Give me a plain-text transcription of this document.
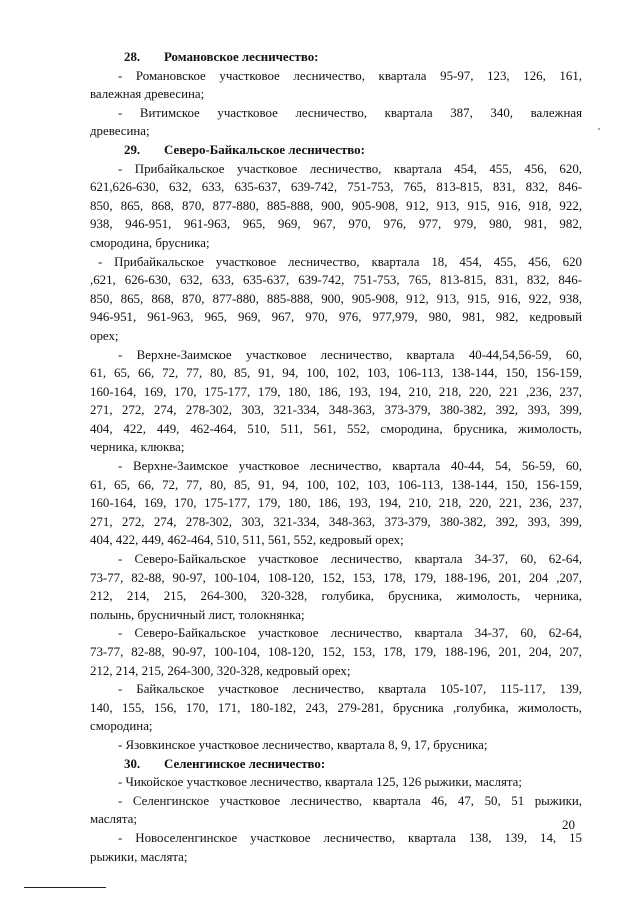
28. Романовское лесничество:
- Романовское участковое лесничество, квартала 95-97, 123, 126, 161,
валежная древесина;
- Витимское участковое лесничество, квартала 387, 340, валежная
древесина;
29. Северо-Байкальское лесничество:
- Прибайкальское участковое лесничество, квартала 454, 455, 456, 620,
621,626-630, 632, 633, 635-637, 639-742, 751-753, 765, 813-815, 831, 832, 846-
850, 865, 868, 870, 877-880, 885-888, 900, 905-908, 912, 913, 915, 916, 918, 922,
938, 946-951, 961-963, 965, 969, 967, 970, 976, 977, 979, 980, 981, 982,
смородина, брусника;
- Прибайкальское участковое лесничество, квартала 18, 454, 455, 456, 620
,621, 626-630, 632, 633, 635-637, 639-742, 751-753, 765, 813-815, 831, 832, 846-
850, 865, 868, 870, 877-880, 885-888, 900, 905-908, 912, 913, 915, 916, 922, 938,
946-951, 961-963, 965, 969, 967, 970, 976, 977,979, 980, 981, 982, кедровый
орех;
- Верхне-Заимское участковое лесничество, квартала 40-44,54,56-59, 60,
61, 65, 66, 72, 77, 80, 85, 91, 94, 100, 102, 103, 106-113, 138-144, 150, 156-159,
160-164, 169, 170, 175-177, 179, 180, 186, 193, 194, 210, 218, 220, 221 ,236, 237,
271, 272, 274, 278-302, 303, 321-334, 348-363, 373-379, 380-382, 392, 393, 399,
404, 422, 449, 462-464, 510, 511, 561, 552, смородина, брусника, жимолость,
черника, клюква;
- Верхне-Заимское участковое лесничество, квартала 40-44, 54, 56-59, 60,
61, 65, 66, 72, 77, 80, 85, 91, 94, 100, 102, 103, 106-113, 138-144, 150, 156-159,
160-164, 169, 170, 175-177, 179, 180, 186, 193, 194, 210, 218, 220, 221, 236, 237,
271, 272, 274, 278-302, 303, 321-334, 348-363, 373-379, 380-382, 392, 393, 399,
404, 422, 449, 462-464, 510, 511, 561, 552, кедровый орех;
- Северо-Байкальское участковое лесничество, квартала 34-37, 60, 62-64,
73-77, 82-88, 90-97, 100-104, 108-120, 152, 153, 178, 179, 188-196, 201, 204 ,207,
212, 214, 215, 264-300, 320-328, голубика, брусника, жимолость, черника,
полынь, брусничный лист, толокнянка;
- Северо-Байкальское участковое лесничество, квартала 34-37, 60, 62-64,
73-77, 82-88, 90-97, 100-104, 108-120, 152, 153, 178, 179, 188-196, 201, 204, 207,
212, 214, 215, 264-300, 320-328, кедровый орех;
- Байкальское участковое лесничество, квартала 105-107, 115-117, 139,
140, 155, 156, 170, 171, 180-182, 243, 279-281, брусника ,голубика, жимолость,
смородина;
- Язовкинское участковое лесничество, квартала 8, 9, 17, брусника;
30. Селенгинское лесничество:
- Чикойское участковое лесничество, квартала 125, 126 рыжики, маслята;
- Селенгинское участковое лесничество, квартала 46, 47, 50, 51 рыжики,
маслята;
- Новоселенгинское участковое лесничество, квартала 138, 139, 14, 15
рыжики, маслята;
20
